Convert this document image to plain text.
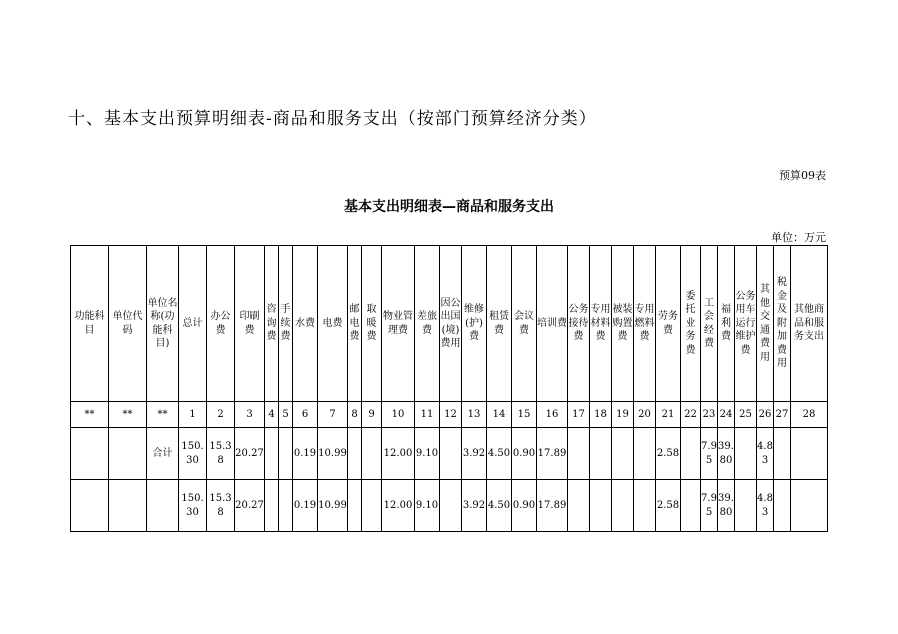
十、基本支出预算明细表-商品和服务支出（按部门预算经济分类）
预算09表
基本支出明细表—商品和服务支出
单位：万元
功能科目	单位代码	单位名称(功能科目)	总计	办公费	印刷费	咨询费	手续费	水费	电费	邮电费	取暖费	物业管理费	差旅费	因公出国(境)费用	维修(护)费	租赁费	会议费	培训费	公务接待费	专用材料费	被装购置费	专用燃料费	劳务费	委托业务费	工会经费	福利费	公务用车运行维护费	其他交通费用	税金及附加费用	其他商品和服务支出
**	**	**	1	2	3	4	5	6	7	8	9	10	11	12	13	14	15	16	17	18	19	20	21	22	23	24	25	26	27	28
		合计	150.30	15.38	20.27			0.19	10.99			12.00	9.10		3.92	4.50	0.90	17.89					2.58		7.95	39.80		4.83		
			150.30	15.38	20.27			0.19	10.99			12.00	9.10		3.92	4.50	0.90	17.89					2.58		7.95	39.80		4.83		
